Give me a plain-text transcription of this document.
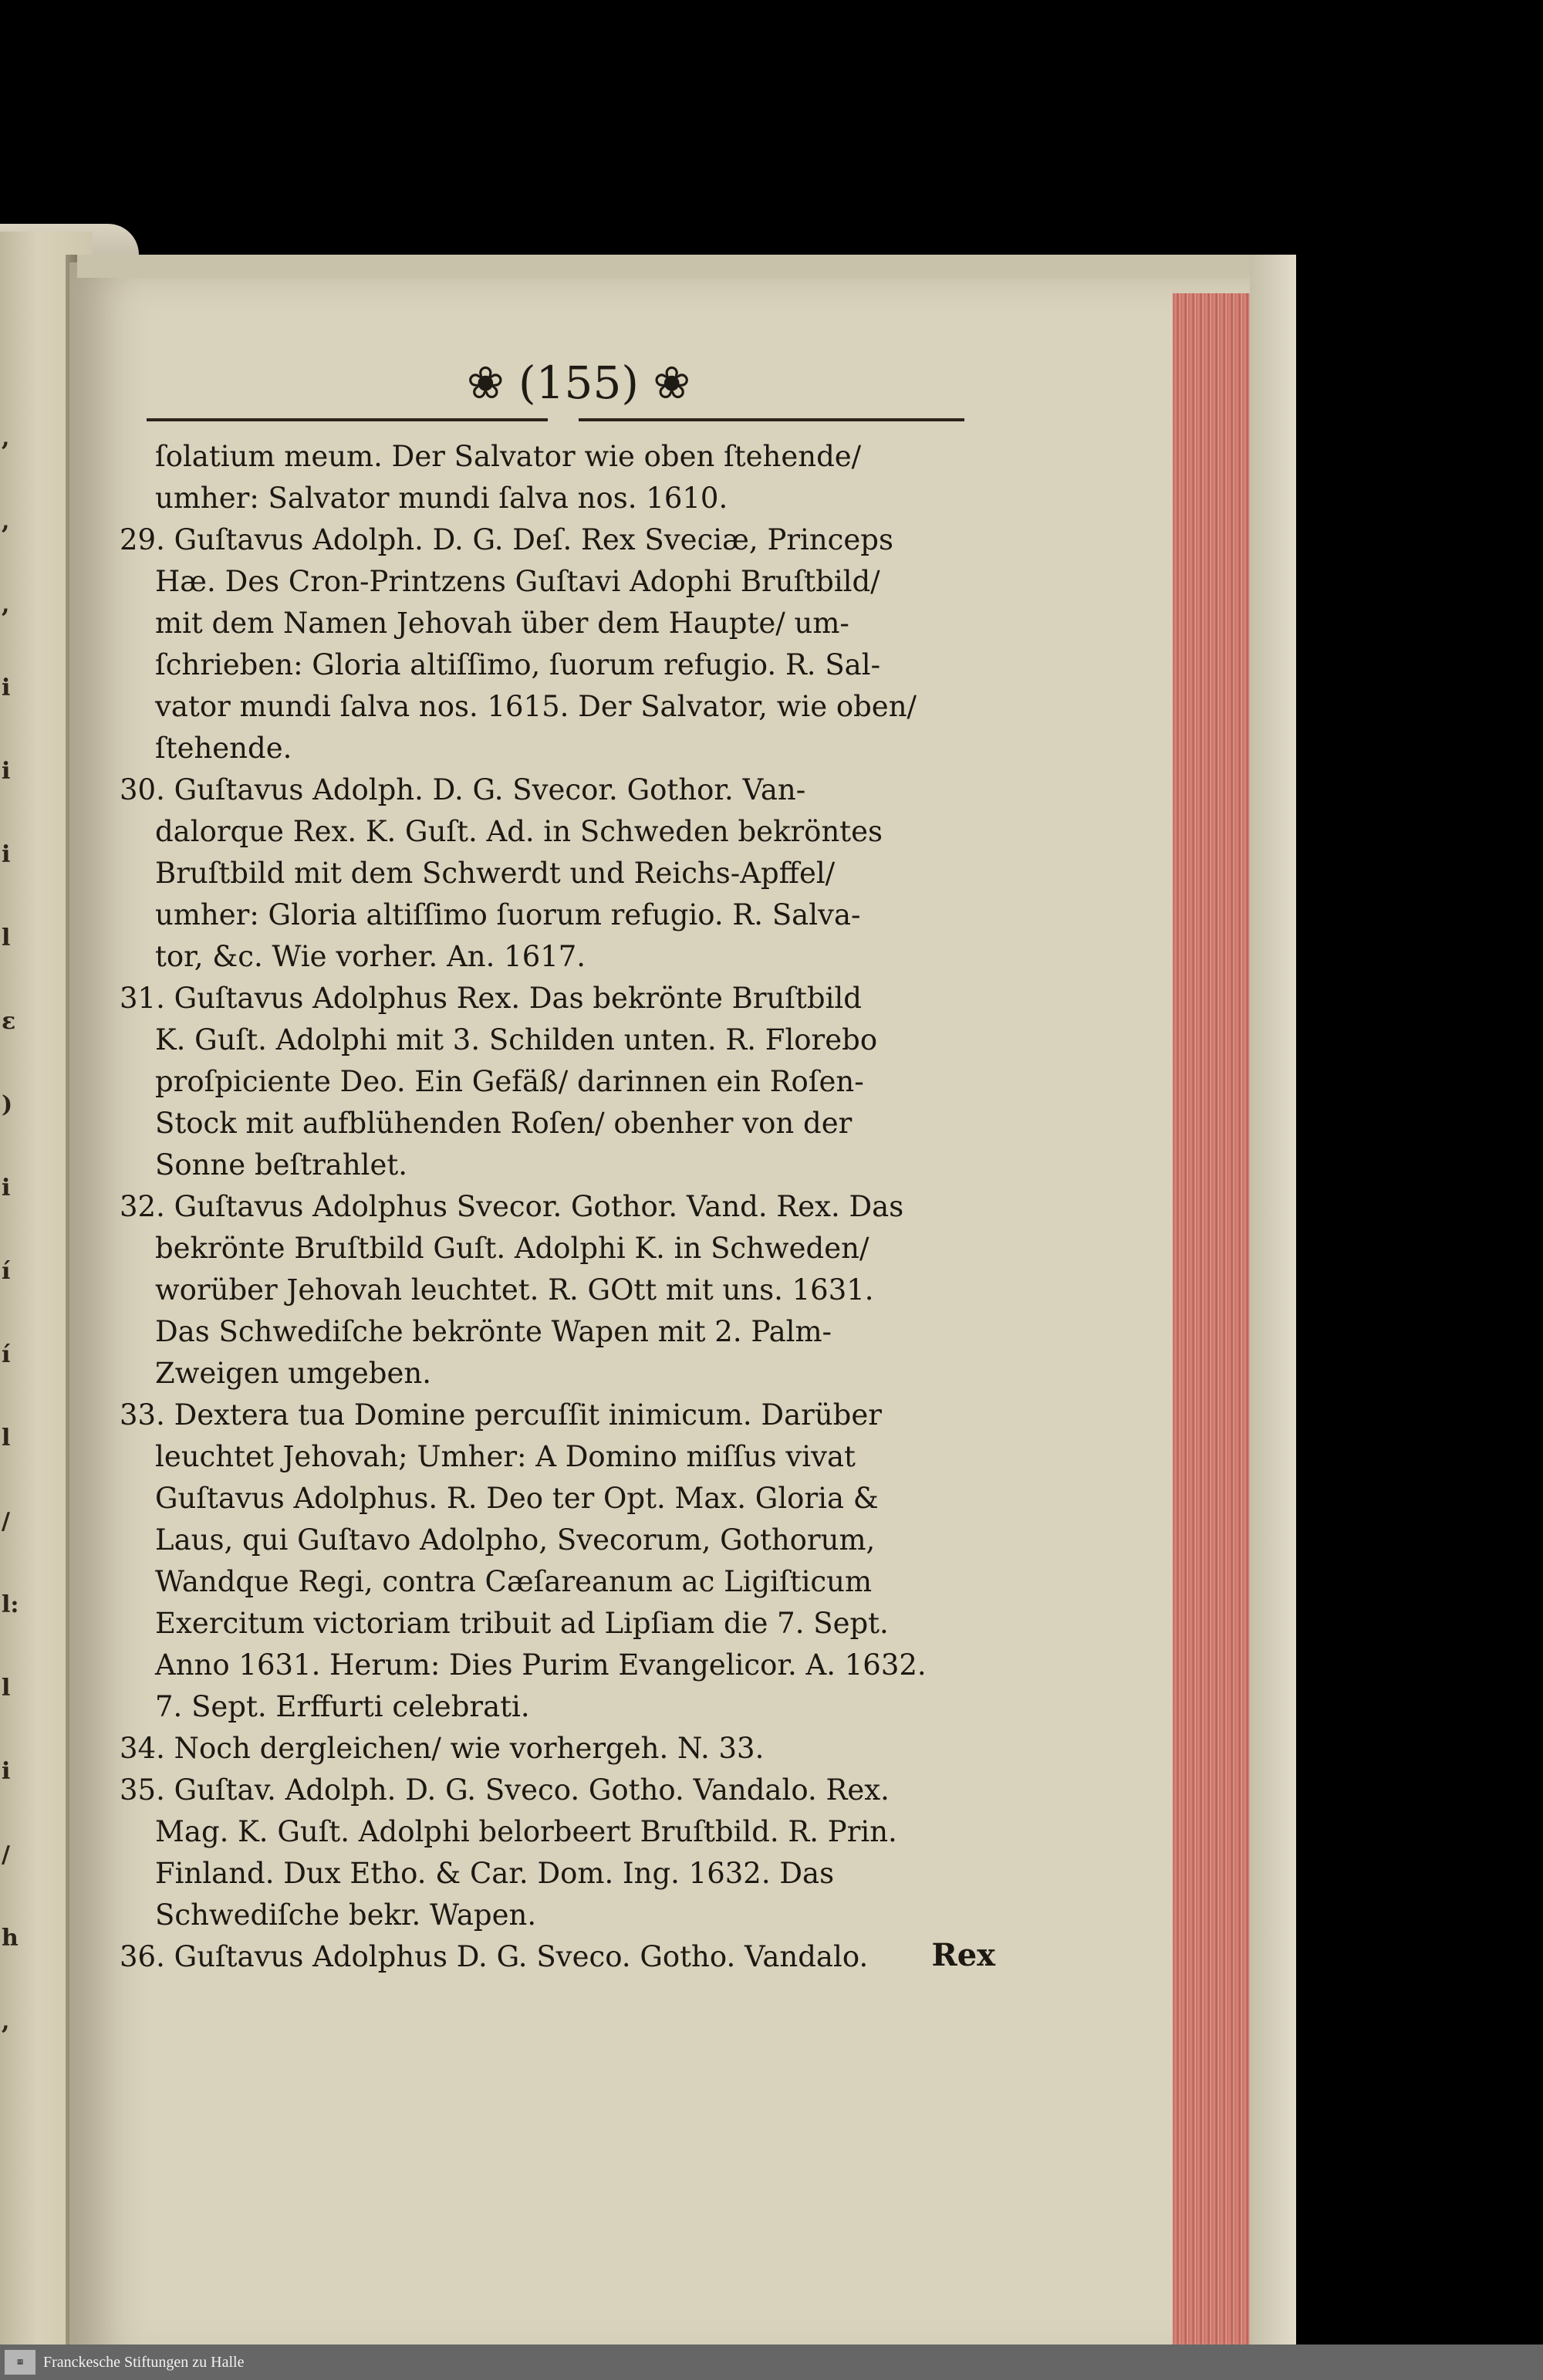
,
,
,
i
i
i
l
ɛ
)
i
í
í
l
/
l:
l
i
/
h
,
❀ (155) ❀
ſolatium meum. Der Salvator wie oben ſtehende/
umher: Salvator mundi ſalva nos. 1610.
29. Guſtavus Adolph. D. G. Deſ. Rex Sveciæ, Princeps
Hæ. Des Cron-Printzens Guſtavi Adophi Bruſtbild/
mit dem Namen Jehovah über dem Haupte/ um-
ſchrieben: Gloria altiſſimo, ſuorum refugio. R. Sal-
vator mundi ſalva nos. 1615. Der Salvator, wie oben/
ſtehende.
30. Guſtavus Adolph. D. G. Svecor. Gothor. Van-
dalorque Rex. K. Guſt. Ad. in Schweden bekröntes
Bruſtbild mit dem Schwerdt und Reichs-Apffel/
umher: Gloria altiſſimo ſuorum refugio. R. Salva-
tor, &c. Wie vorher. An. 1617.
31. Guſtavus Adolphus Rex. Das bekrönte Bruſtbild
K. Guſt. Adolphi mit 3. Schilden unten. R. Florebo
proſpiciente Deo. Ein Gefäß/ darinnen ein Roſen-
Stock mit aufblühenden Roſen/ obenher von der
Sonne beſtrahlet.
32. Guſtavus Adolphus Svecor. Gothor. Vand. Rex. Das
bekrönte Bruſtbild Guſt. Adolphi K. in Schweden/
worüber Jehovah leuchtet. R. GOtt mit uns. 1631.
Das Schwediſche bekrönte Wapen mit 2. Palm-
Zweigen umgeben.
33. Dextera tua Domine percuſſit inimicum. Darüber
leuchtet Jehovah; Umher: A Domino miſſus vivat
Guſtavus Adolphus. R. Deo ter Opt. Max. Gloria &
Laus, qui Guſtavo Adolpho, Svecorum, Gothorum,
Wandque Regi, contra Cæſareanum ac Ligiſticum
Exercitum victoriam tribuit ad Lipſiam die 7. Sept.
Anno 1631. Herum: Dies Purim Evangelicor. A. 1632.
7. Sept. Erffurti celebrati.
34. Noch dergleichen/ wie vorhergeh. N. 33.
35. Guſtav. Adolph. D. G. Sveco. Gotho. Vandalo. Rex.
Mag. K. Guſt. Adolphi belorbeert Bruſtbild. R. Prin.
Finland. Dux Etho. & Car. Dom. Ing. 1632. Das
Schwediſche bekr. Wapen.
36. Guſtavus Adolphus D. G. Sveco. Gotho. Vandalo.	Rex
▦	Franckesche Stiftungen zu Halle
